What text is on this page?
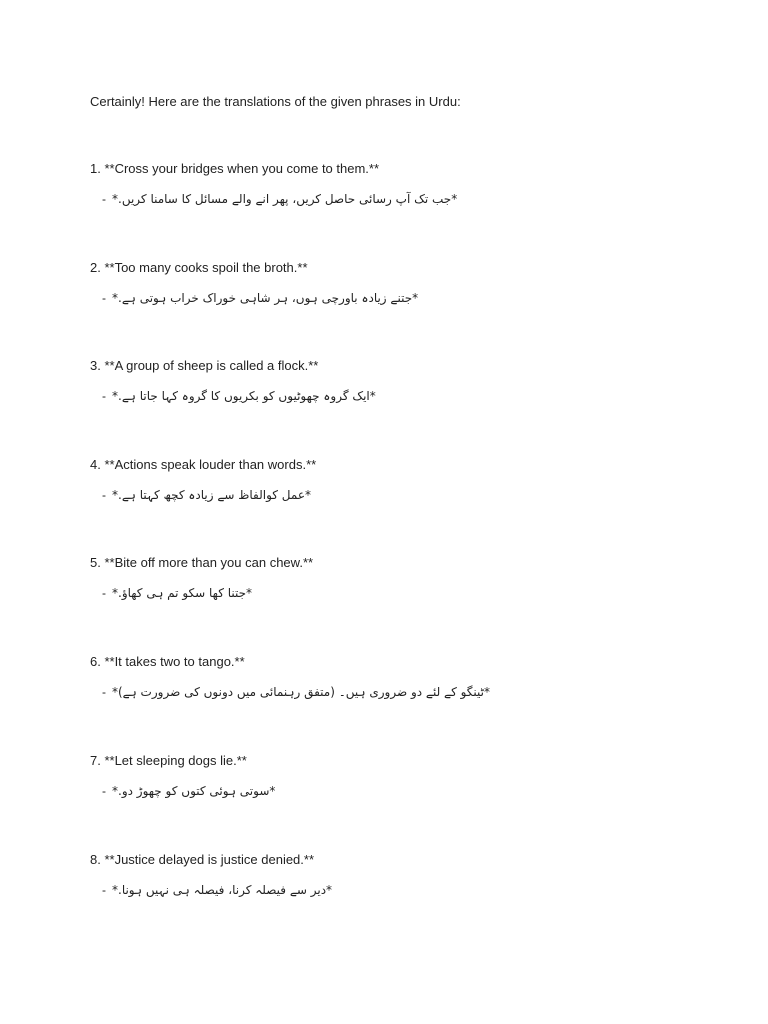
Certainly! Here are the translations of the given phrases in Urdu:
1. **Cross your bridges when you come to them.**
- *جب تک آپ رسائی حاصل کریں، پھر انے والے مسائل کا سامنا کریں.*
2. **Too many cooks spoil the broth.**
- *جتنے زیادہ باورچی ہوں، ہر شاہی خوراک خراب ہوتی ہے.*
3. **A group of sheep is called a flock.**
- *ایک گروہ چھوٹیوں کو بکریوں کا گروہ کہا جاتا ہے.*
4. **Actions speak louder than words.**
- *عمل کوالفاظ سے زیادہ کچھ کہتا ہے.*
5. **Bite off more than you can chew.**
- *جتنا کھا سکو تم ہی کھاؤ.*
6. **It takes two to tango.**
- *ٹینگو کے لئے دو ضروری ہیں۔ (متفق رہنمائی میں دونوں کی ضرورت ہے)*
7. **Let sleeping dogs lie.**
- *سوتی ہوئی کتوں کو چھوڑ دو.*
8. **Justice delayed is justice denied.**
- *دیر سے فیصلہ کرنا، فیصلہ ہی نہیں ہونا.*
